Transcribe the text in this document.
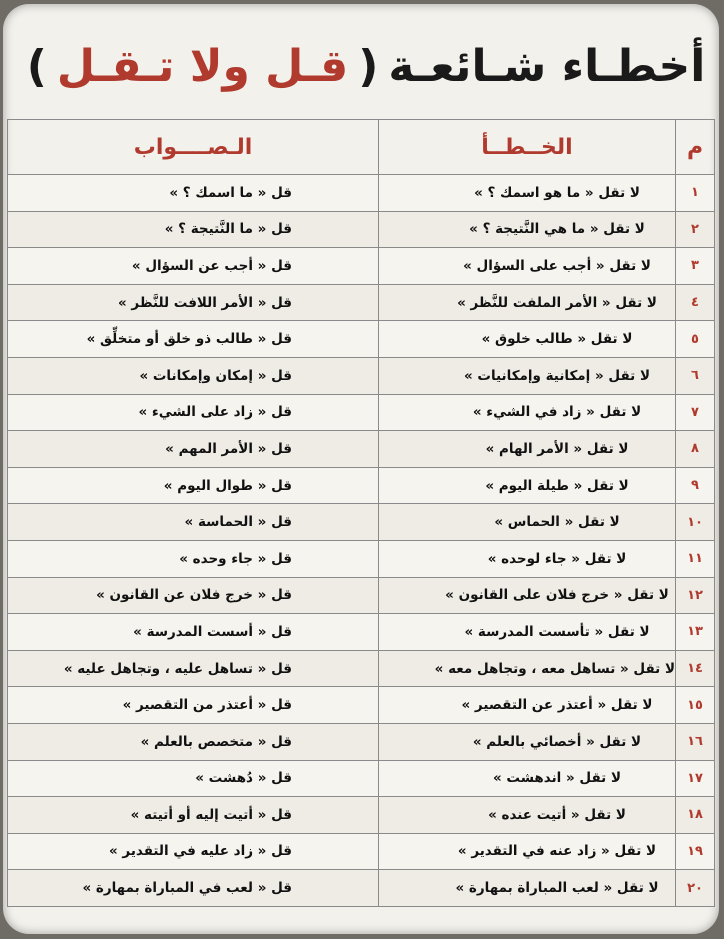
أخطـاء شـائعـة
(
قـل ولا تـقـل
)
م	الخــطــأ	الـصــــواب
١	لا تقل « ما هو اسمك ؟ »	قل « ما اسمك ؟ »
٢	لا تقل « ما هي النَّتيجة ؟ »	قل « ما النَّتيجة ؟ »
٣	لا تقل « أجب على السؤال »	قل « أجب عن السؤال »
٤	لا تقل « الأمر الملفت للنَّظر »	قل « الأمر اللافت للنَّظر »
٥	لا تقل « طالب خلوق »	قل « طالب ذو خلق أو متخلِّق »
٦	لا تقل « إمكانية وإمكانيات »	قل « إمكان وإمكانات »
٧	لا تقل « زاد في الشيء »	قل « زاد على الشيء »
٨	لا تقل « الأمر الهام »	قل « الأمر المهم »
٩	لا تقل « طيلة اليوم »	قل « طوال اليوم »
١٠	لا تقل « الحماس »	قل « الحماسة »
١١	لا تقل « جاء لوحده »	قل « جاء وحده »
١٢	لا تقل « خرج فلان على القانون »	قل « خرج فلان عن القانون »
١٣	لا تقل « تأسست المدرسة »	قل « أسست المدرسة »
١٤	لا تقل « تساهل معه ، وتجاهل معه »	قل « تساهل عليه ، وتجاهل عليه »
١٥	لا تقل « أعتذر عن التقصير »	قل « أعتذر من التقصير »
١٦	لا تقل « أخصائي بالعلم »	قل « متخصص بالعلم »
١٧	لا تقل « اندهشت »	قل « دُهشت »
١٨	لا تقل « أتيت عنده »	قل « أتيت إليه أو أتيته »
١٩	لا تقل « زاد عنه في التقدير »	قل « زاد عليه في التقدير »
٢٠	لا تقل « لعب المباراة بمهارة »	قل « لعب في المباراة بمهارة »
